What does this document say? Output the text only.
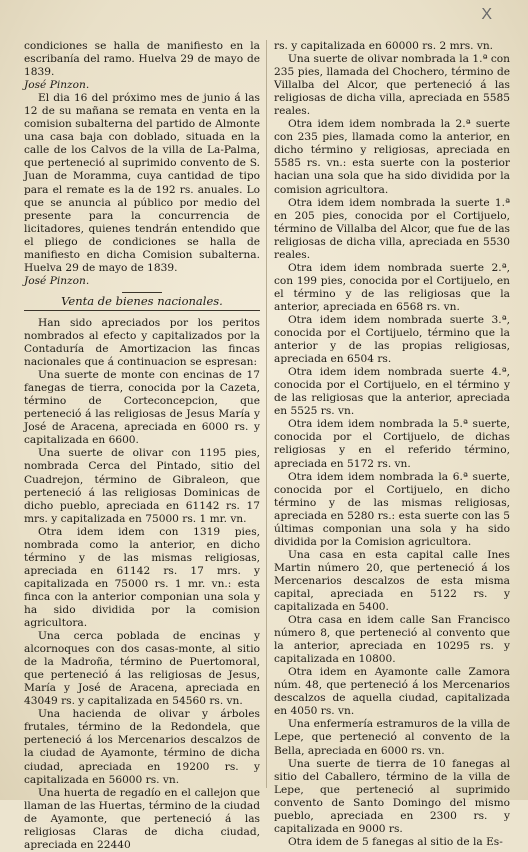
X

condiciones se halla de manifiesto en la escribanía del ramo. Huelva 29 de mayo de 1839.

José Pinzon.

El dia 16 del próximo mes de junio á las 12 de su mañana se remata en venta en la comision subalterna del partido de Almonte una casa baja con doblado, situada en la calle de los Calvos de la villa de La-Palma, que perteneció al suprimido convento de S. Juan de Moramma, cuya cantidad de tipo para el remate es la de 192 rs. anuales. Lo que se anuncia al público por medio del presente para la concurrencia de licitadores, quienes tendrán entendido que el pliego de condiciones se halla de manifiesto en dicha Comision subalterna. Huelva 29 de mayo de 1839.

José Pinzon.

Venta de bienes nacionales.

Han sido apreciados por los peritos nombrados al efecto y capitalizados por la Contaduría de Amortizacion las fincas nacionales que á continuacion se espresan:

Una suerte de monte con encinas de 17 fanegas de tierra, conocida por la Cazeta, término de Corteconcepcion, que perteneció á las religiosas de Jesus María y José de Aracena, apreciada en 6000 rs. y capitalizada en 6600.

Una suerte de olivar con 1195 pies, nombrada Cerca del Pintado, sitio del Cuadrejon, término de Gibraleon, que perteneció á las religiosas Dominicas de dicho pueblo, apreciada en 61142 rs. 17 mrs. y capitalizada en 75000 rs. 1 mr. vn.

Otra idem idem con 1319 pies, nombrada como la anterior, en dicho término y de las mismas religiosas, apreciada en 61142 rs. 17 mrs. y capitalizada en 75000 rs. 1 mr. vn.: esta finca con la anterior componian una sola y ha sido dividida por la comision agricultora.

Una cerca poblada de encinas y alcornoques con dos casas-monte, al sitio de la Madroña, término de Puertomoral, que perteneció á las religiosas de Jesus, María y José de Aracena, apreciada en 43049 rs. y capitalizada en 54560 rs. vn.

Una hacienda de olivar y árboles frutales, término de la Redondela, que perteneció á los Mercenarios descalzos de la ciudad de Ayamonte, término de dicha ciudad, apreciada en 19200 rs. y capitalizada en 56000 rs. vn.

Una huerta de regadío en el callejon que llaman de las Huertas, término de la ciudad de Ayamonte, que perteneció á las religiosas Claras de dicha ciudad, apreciada en 22440

rs. y capitalizada en 60000 rs. 2 mrs. vn.

Una suerte de olivar nombrada la 1.ª con 235 pies, llamada del Chochero, término de Villalba del Alcor, que perteneció á las religiosas de dicha villa, apreciada en 5585 reales.

Otra idem idem nombrada la 2.ª suerte con 235 pies, llamada como la anterior, en dicho término y religiosas, apreciada en 5585 rs. vn.: esta suerte con la posterior hacian una sola que ha sido dividida por la comision agricultora.

Otra idem idem nombrada la suerte 1.ª en 205 pies, conocida por el Cortijuelo, término de Villalba del Alcor, que fue de las religiosas de dicha villa, apreciada en 5530 reales.

Otra idem idem nombrada suerte 2.ª, con 199 pies, conocida por el Cortijuelo, en el término y de las religiosas que la anterior, apreciada en 6568 rs. vn.

Otra idem idem nombrada suerte 3.ª, conocida por el Cortijuelo, término que la anterior y de las propias religiosas, apreciada en 6504 rs.

Otra idem idem nombrada suerte 4.ª, conocida por el Cortijuelo, en el término y de las religiosas que la anterior, apreciada en 5525 rs. vn.

Otra idem idem nombrada la 5.ª suerte, conocida por el Cortijuelo, de dichas religiosas y en el referido término, apreciada en 5172 rs. vn.

Otra idem idem nombrada la 6.ª suerte, conocida por el Cortijuelo, en dicho término y de las mismas religiosas, apreciada en 5280 rs.: esta suerte con las 5 últimas componian una sola y ha sido dividida por la Comision agricultora.

Una casa en esta capital calle Ines Martin número 20, que perteneció á los Mercenarios descalzos de esta misma capital, apreciada en 5122 rs. y capitalizada en 5400.

Otra casa en idem calle San Francisco número 8, que perteneció al convento que la anterior, apreciada en 10295 rs. y capitalizada en 10800.

Otra idem en Ayamonte calle Zamora núm. 48, que perteneció á los Mercenarios descalzos de aquella ciudad, capitalizada en 4050 rs. vn.

Una enfermería estramuros de la villa de Lepe, que perteneció al convento de la Bella, apreciada en 6000 rs. vn.

Una suerte de tierra de 10 fanegas al sitio del Caballero, término de la villa de Lepe, que perteneció al suprimido convento de Santo Domingo del mismo pueblo, apreciada en 2300 rs. y capitalizada en 9000 rs.

Otra idem de 5 fanegas al sitio de la Es-
